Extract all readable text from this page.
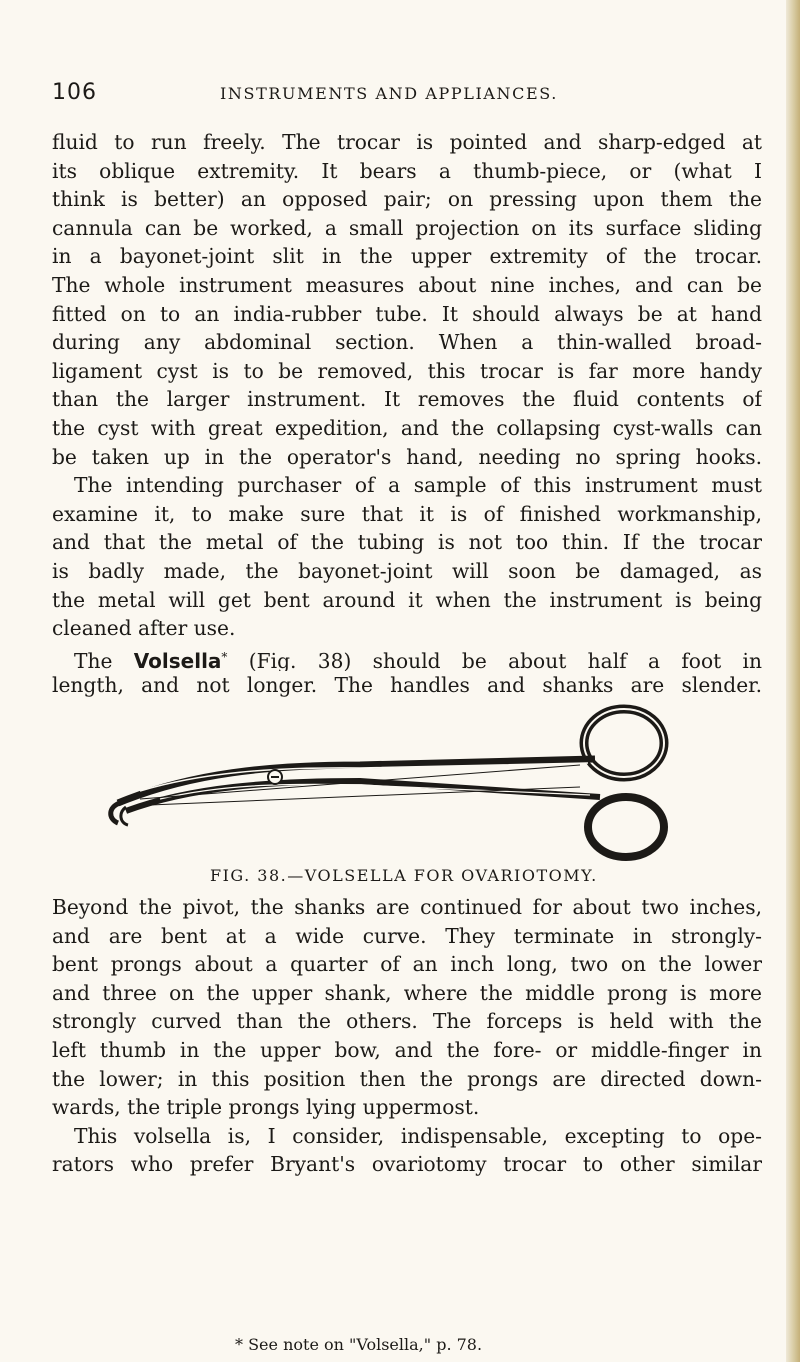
106	INSTRUMENTS AND APPLIANCES.
fluid to run freely. The trocar is pointed and sharp-edged at
its oblique extremity. It bears a thumb-piece, or (what I
think is better) an opposed pair; on pressing upon them the
cannula can be worked, a small projection on its surface sliding
in a bayonet-joint slit in the upper extremity of the trocar.
The whole instrument measures about nine inches, and can be
fitted on to an india-rubber tube. It should always be at hand
during any abdominal section. When a thin-walled broad-
ligament cyst is to be removed, this trocar is far more handy
than the larger instrument. It removes the fluid contents of
the cyst with great expedition, and the collapsing cyst-walls can
be taken up in the operator's hand, needing no spring hooks.
The intending purchaser of a sample of this instrument must
examine it, to make sure that it is of finished workmanship,
and that the metal of the tubing is not too thin. If the trocar
is badly made, the bayonet-joint will soon be damaged, as
the metal will get bent around it when the instrument is being
cleaned after use.
The Volsella* (Fig. 38) should be about half a foot in
length, and not longer. The handles and shanks are slender.
FIG. 38.—VOLSELLA FOR OVARIOTOMY.
Beyond the pivot, the shanks are continued for about two inches,
and are bent at a wide curve. They terminate in strongly-
bent prongs about a quarter of an inch long, two on the lower
and three on the upper shank, where the middle prong is more
strongly curved than the others. The forceps is held with the
left thumb in the upper bow, and the fore- or middle-finger in
the lower; in this position then the prongs are directed down-
wards, the triple prongs lying uppermost.
This volsella is, I consider, indispensable, excepting to ope-
rators who prefer Bryant's ovariotomy trocar to other similar
* See note on "Volsella," p. 78.
